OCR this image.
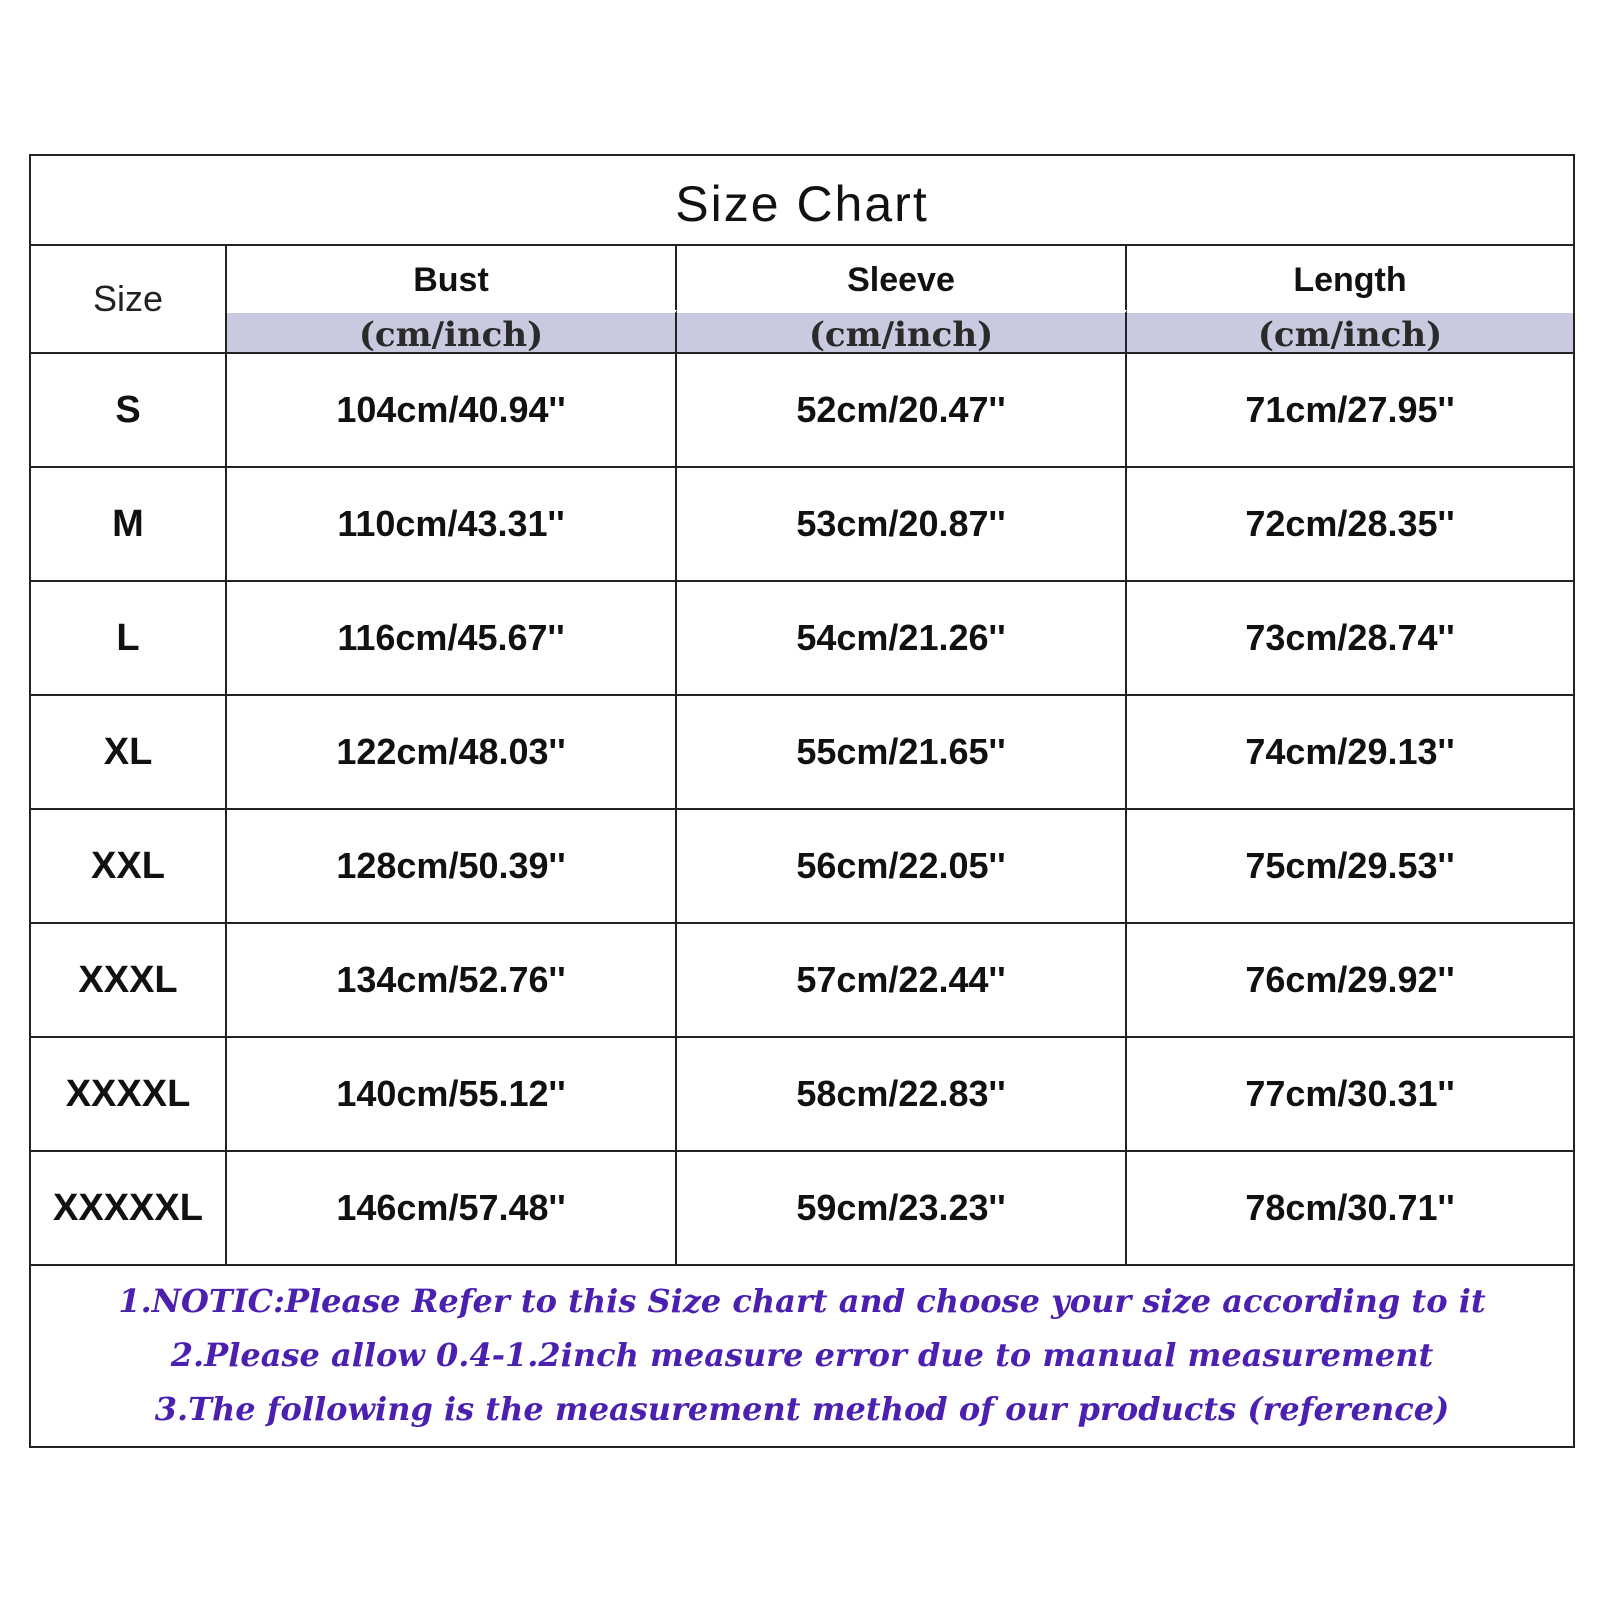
Size Chart
Size	Bust	Sleeve	Length
(cm/inch)	(cm/inch)	(cm/inch)
S	104cm/40.94''	52cm/20.47''	71cm/27.95''
M	110cm/43.31''	53cm/20.87''	72cm/28.35''
L	116cm/45.67''	54cm/21.26''	73cm/28.74''
XL	122cm/48.03''	55cm/21.65''	74cm/29.13''
XXL	128cm/50.39''	56cm/22.05''	75cm/29.53''
XXXL	134cm/52.76''	57cm/22.44''	76cm/29.92''
XXXXL	140cm/55.12''	58cm/22.83''	77cm/30.31''
XXXXXL	146cm/57.48''	59cm/23.23''	78cm/30.71''
1.NOTIC:Please Refer to this Size chart and choose your size according to it
2.Please allow 0.4-1.2inch measure error due to manual measurement
3.The following is the measurement method of our products (reference)
